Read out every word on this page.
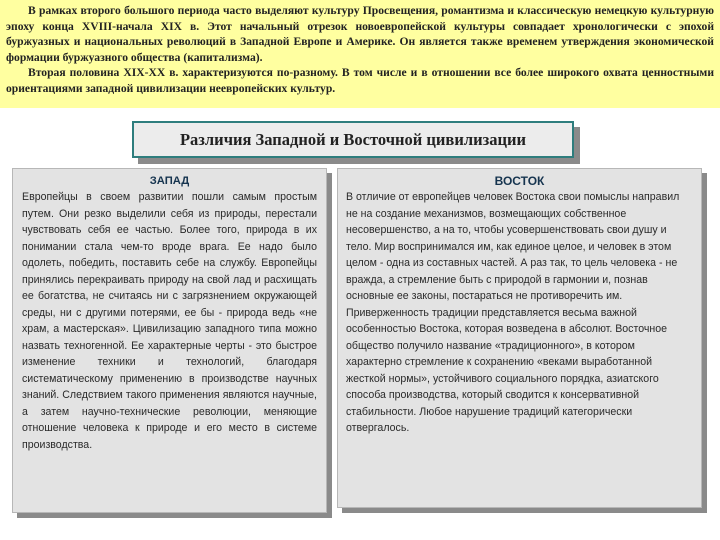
В рамках второго большого периода часто выделяют культуру Просвещения, романтизма и классическую немецкую культурную эпоху конца XVIII-начала XIX в. Этот начальный отрезок новоевропейской культуры совпадает хронологически с эпохой буржуазных и национальных революций в Западной Европе и Америке. Он является также временем утверждения экономической формации буржуазного общества (капитализма).

Вторая половина XIX-XX в. характеризуются по-разному. В том числе и в отношении все более широкого охвата ценностными ориентациями западной цивилизации неевропейских культур.

Различия Западной и Восточной цивилизации
ЗАПАД

Европейцы в своем развитии пошли самым простым путем. Они резко выделили себя из природы, перестали чувствовать себя ее частью. Более того, природа в их понимании стала чем-то вроде врага. Ее надо было одолеть, победить, поставить себе на службу. Европейцы принялись перекраивать природу на свой лад и расхищать ее богатства, не считаясь ни с загрязнением окружающей среды, ни с другими потерями, ее бы - природа ведь «не храм, а мастерская». Цивилизацию западного типа можно назвать техногенной. Ее характерные черты - это быстрое изменение техники и технологий, благодаря систематическому применению в производстве научных знаний. Следствием такого применения являются научные, а затем научно-технические революции, меняющие отношение человека к природе и его место в системе производства.

ВОСТОК

В отличие от европейцев человек Востока свои помыслы направил не на создание механизмов, возмещающих собственное несовершенство, а на то, чтобы усовершенствовать свои душу и тело. Мир воспринимался им, как единое целое, и человек в этом целом - одна из составных частей. А раз так, то цель человека - не вражда, а стремление быть с природой в гармонии и, познав основные ее законы, постараться не противоречить им. Приверженность традиции представляется весьма важной особенностью Востока, которая возведена в абсолют. Восточное общество получило название «традиционного», в котором характерно стремление к сохранению «веками выработанной жесткой нормы», устойчивого социального порядка, азиатского способа производства, который сводится к консервативной стабильности. Любое нарушение традиций категорически отвергалось.
